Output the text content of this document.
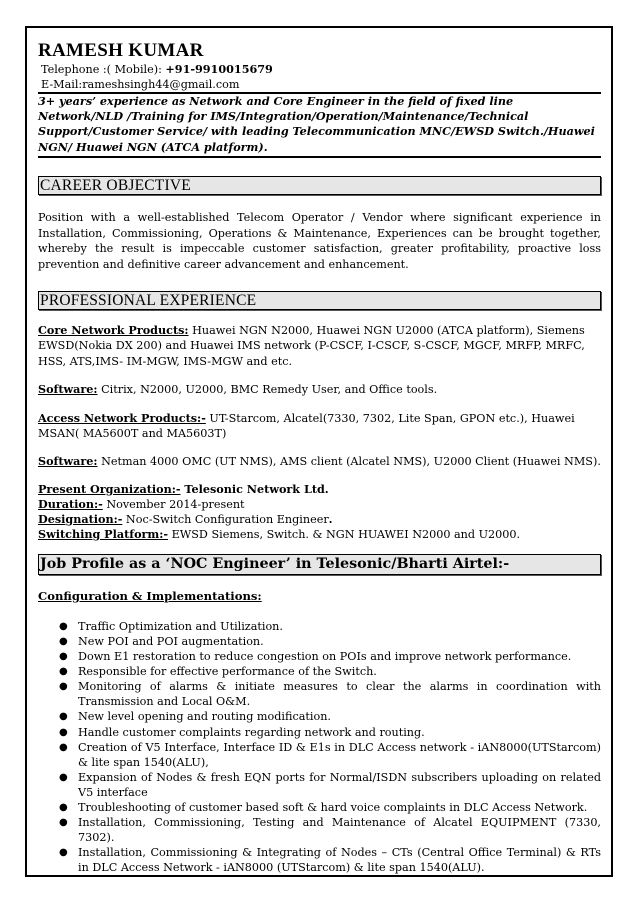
RAMESH KUMAR
Telephone :( Mobile): +91-9910015679
E-Mail:rameshsingh44@gmail.com
3+ years’ experience as Network and Core Engineer in the field of fixed line Network/NLD /Training for IMS/Integration/Operation/Maintenance/Technical Support/Customer Service/ with leading Telecommunication MNC/EWSD Switch./Huawei NGN/ Huawei NGN (ATCA platform).
CAREER OBJECTIVE
Position with a well-established Telecom Operator / Vendor where significant experience in Installation, Commissioning, Operations & Maintenance, Experiences can be brought together, whereby the result is impeccable customer satisfaction, greater profitability, proactive loss prevention and definitive career advancement and enhancement.
PROFESSIONAL EXPERIENCE
Core Network Products: Huawei NGN N2000, Huawei NGN U2000 (ATCA platform), Siemens EWSD(Nokia DX 200) and Huawei IMS network (P-CSCF, I-CSCF, S-CSCF, MGCF, MRFP, MRFC, HSS, ATS,IMS- IM-MGW, IMS-MGW and etc.
Software: Citrix, N2000, U2000, BMC Remedy User, and Office tools.
Access Network Products:- UT-Starcom, Alcatel(7330, 7302, Lite Span, GPON etc.), Huawei MSAN( MA5600T and MA5603T)
Software: Netman 4000 OMC (UT NMS), AMS client (Alcatel NMS), U2000 Client (Huawei NMS).
Present Organization:- Telesonic Network Ltd.
Duration:- November 2014-present
Designation:- Noc-Switch Configuration Engineer.
Switching Platform:- EWSD Siemens, Switch. & NGN HUAWEI N2000 and U2000.
Job Profile as a ‘NOC Engineer’ in Telesonic/Bharti Airtel:-
Configuration & Implementations:
● Traffic Optimization and Utilization.
● New POI and POI augmentation.
● Down E1 restoration to reduce congestion on POIs and improve network performance.
● Responsible for effective performance of the Switch.
● Monitoring of alarms & initiate measures to clear the alarms in coordination with Transmission and Local O&M.
● New level opening and routing modification.
● Handle customer complaints regarding network and routing.
● Creation of V5 Interface, Interface ID & E1s in DLC Access network - iAN8000(UTStarcom) & lite span 1540(ALU),
● Expansion of Nodes & fresh EQN ports for Normal/ISDN subscribers uploading on related V5 interface
● Troubleshooting of customer based soft & hard voice complaints in DLC Access Network.
● Installation, Commissioning, Testing and Maintenance of Alcatel EQUIPMENT (7330, 7302).
● Installation, Commissioning & Integrating of Nodes – CTs (Central Office Terminal) & RTs in DLC Access Network - iAN8000 (UTStarcom) & lite span 1540(ALU).
